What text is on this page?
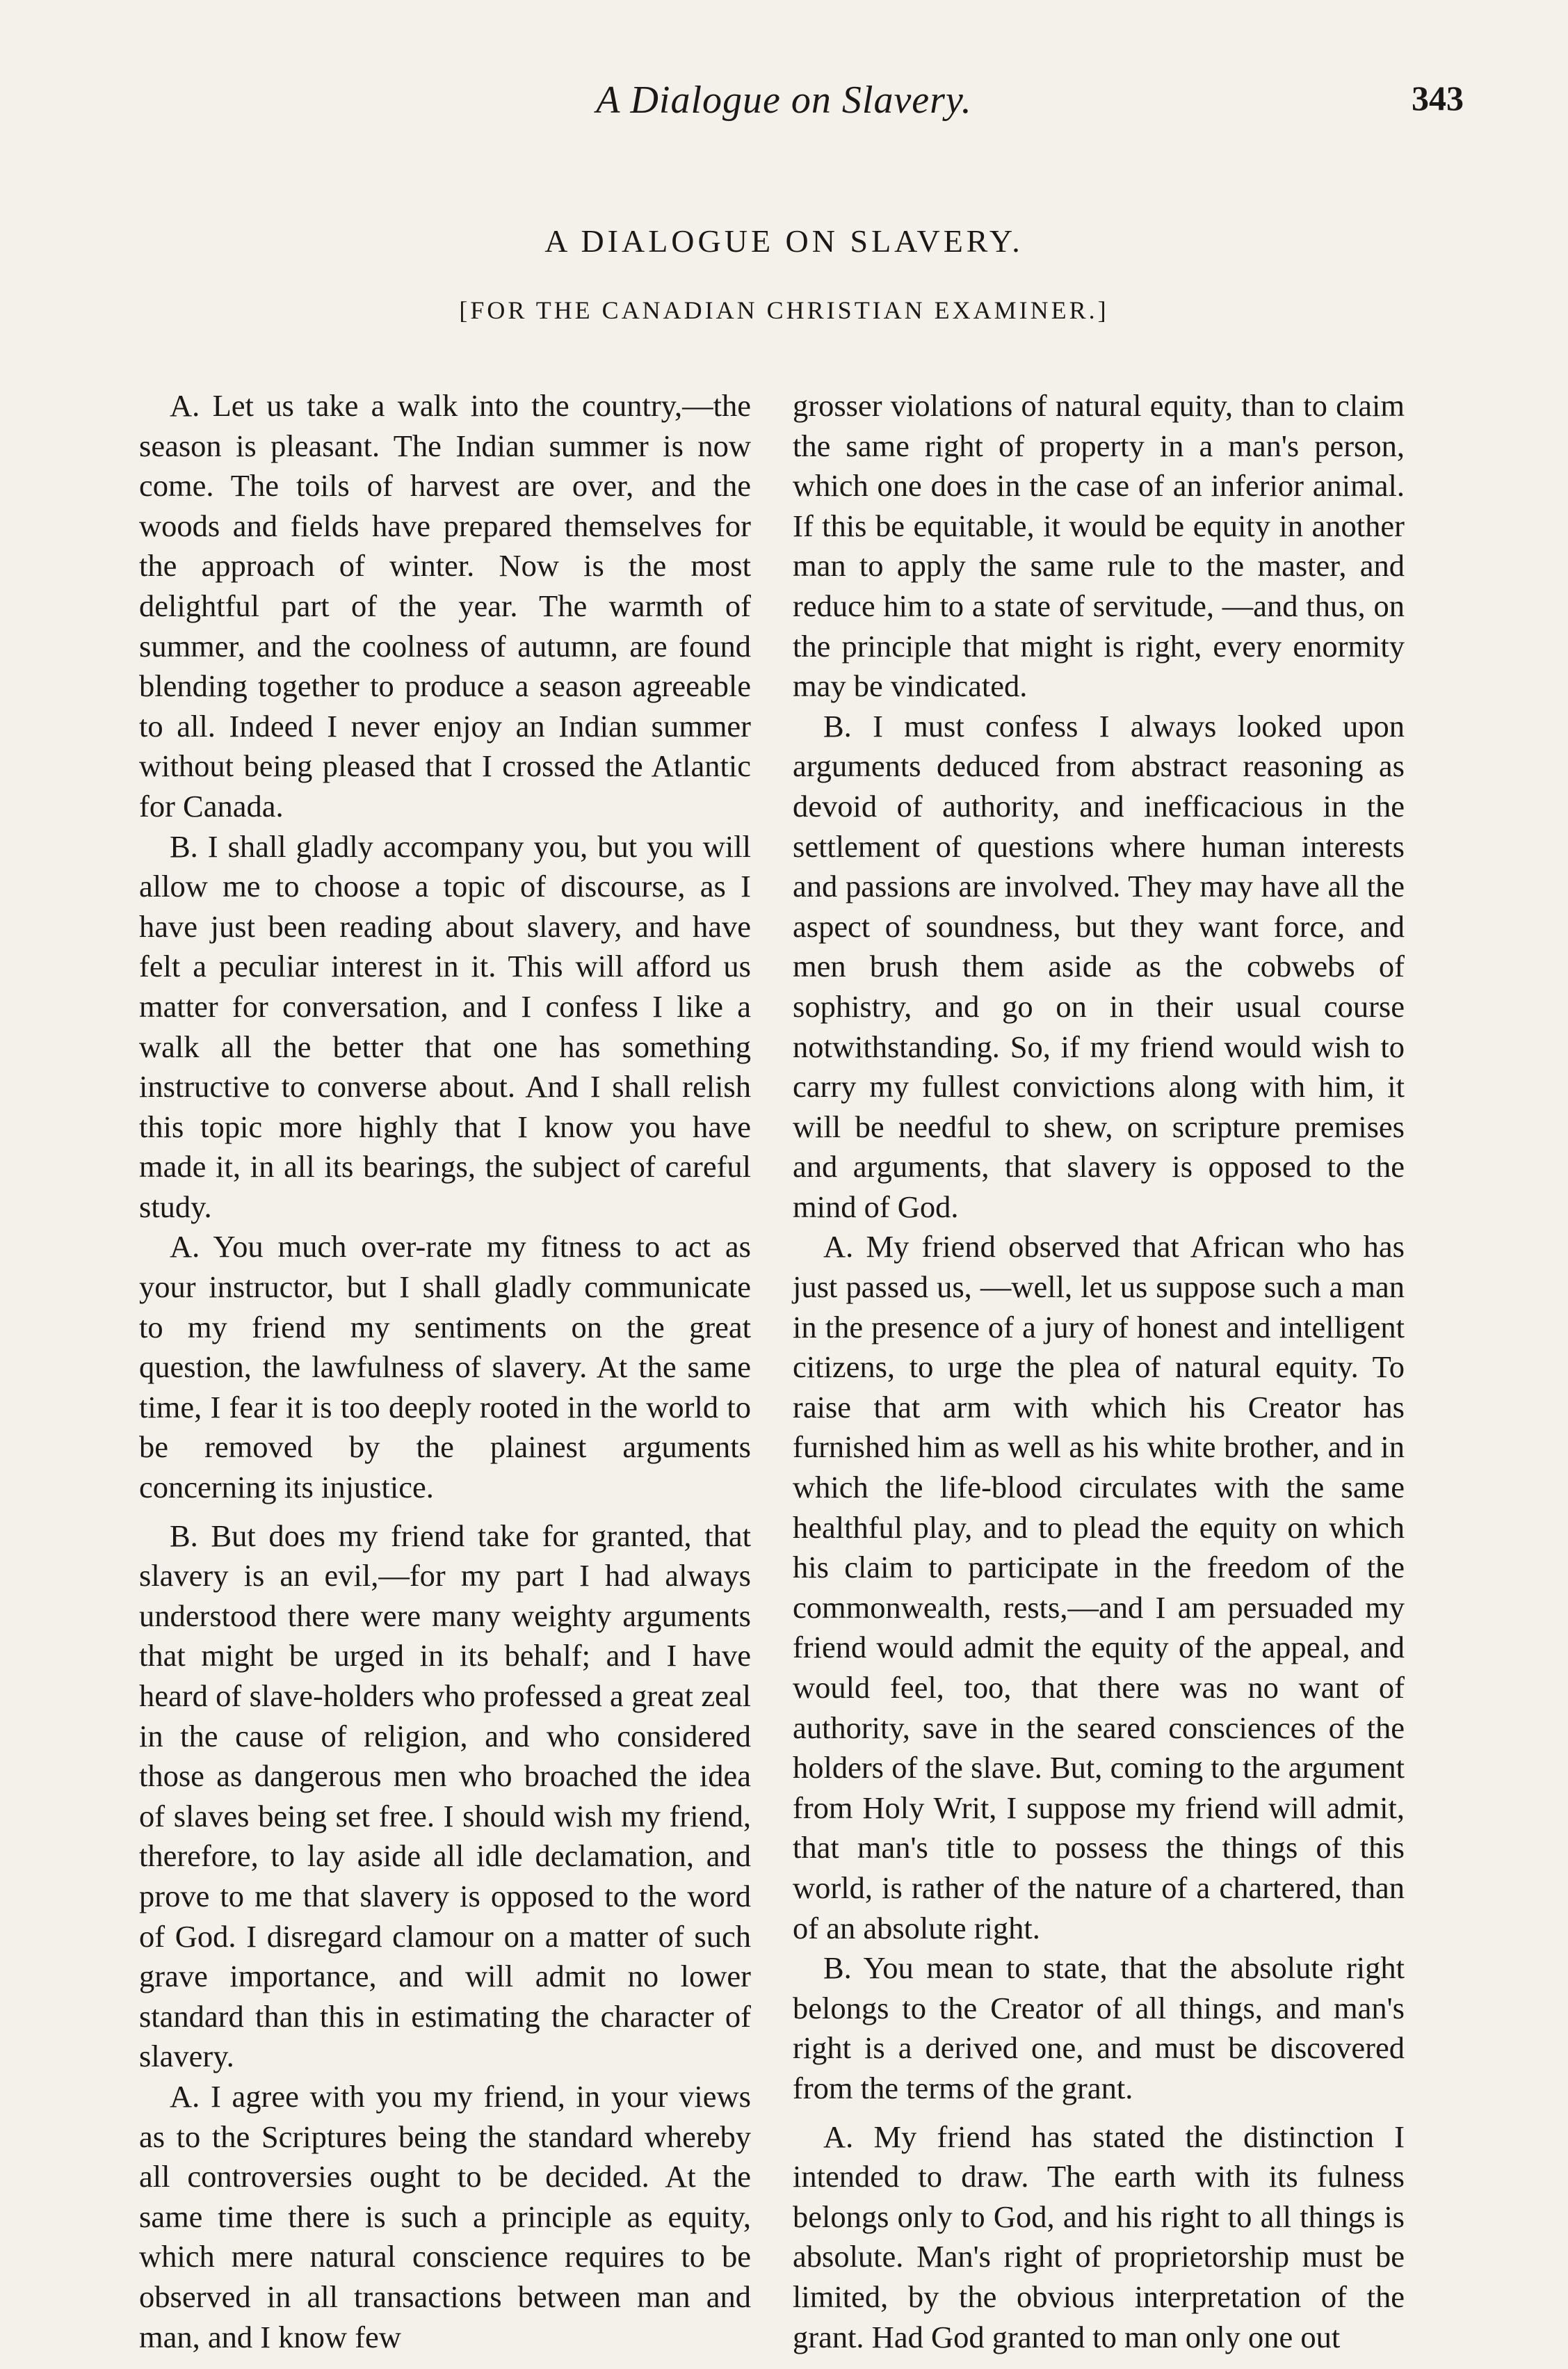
A Dialogue on Slavery.	343
A DIALOGUE ON SLAVERY.
[FOR THE CANADIAN CHRISTIAN EXAMINER.]

A. Let us take a walk into the country,—the season is pleasant. The Indian summer is now come. The toils of harvest are over, and the woods and fields have prepared themselves for the approach of winter. Now is the most delightful part of the year. The warmth of summer, and the coolness of autumn, are found blending together to produce a season agreeable to all. Indeed I never enjoy an Indian summer without being pleased that I crossed the Atlantic for Canada.

B. I shall gladly accompany you, but you will allow me to choose a topic of discourse, as I have just been reading about slavery, and have felt a peculiar interest in it. This will afford us matter for conversation, and I confess I like a walk all the better that one has something instructive to converse about. And I shall relish this topic more highly that I know you have made it, in all its bearings, the subject of careful study.

A. You much over-rate my fitness to act as your instructor, but I shall gladly communicate to my friend my sentiments on the great question, the lawfulness of slavery. At the same time, I fear it is too deeply rooted in the world to be removed by the plainest arguments concerning its injustice.

B. But does my friend take for granted, that slavery is an evil,—for my part I had always understood there were many weighty arguments that might be urged in its behalf; and I have heard of slave-holders who professed a great zeal in the cause of religion, and who considered those as dangerous men who broached the idea of slaves being set free. I should wish my friend, therefore, to lay aside all idle declamation, and prove to me that slavery is opposed to the word of God. I disregard clamour on a matter of such grave importance, and will admit no lower standard than this in estimating the character of slavery.

A. I agree with you my friend, in your views as to the Scriptures being the standard whereby all controversies ought to be decided. At the same time there is such a principle as equity, which mere natural conscience requires to be observed in all transactions between man and man, and I know few

grosser violations of natural equity, than to claim the same right of property in a man's person, which one does in the case of an inferior animal. If this be equitable, it would be equity in another man to apply the same rule to the master, and reduce him to a state of servitude, —and thus, on the principle that might is right, every enormity may be vindicated.

B. I must confess I always looked upon arguments deduced from abstract reasoning as devoid of authority, and inefficacious in the settlement of questions where human interests and passions are involved. They may have all the aspect of soundness, but they want force, and men brush them aside as the cobwebs of sophistry, and go on in their usual course notwithstanding. So, if my friend would wish to carry my fullest convictions along with him, it will be needful to shew, on scripture premises and arguments, that slavery is opposed to the mind of God.

A. My friend observed that African who has just passed us, —well, let us suppose such a man in the presence of a jury of honest and intelligent citizens, to urge the plea of natural equity. To raise that arm with which his Creator has furnished him as well as his white brother, and in which the life-blood circulates with the same healthful play, and to plead the equity on which his claim to participate in the freedom of the commonwealth, rests,—and I am persuaded my friend would admit the equity of the appeal, and would feel, too, that there was no want of authority, save in the seared consciences of the holders of the slave. But, coming to the argument from Holy Writ, I suppose my friend will admit, that man's title to possess the things of this world, is rather of the nature of a chartered, than of an absolute right.

B. You mean to state, that the absolute right belongs to the Creator of all things, and man's right is a derived one, and must be discovered from the terms of the grant.

A. My friend has stated the distinction I intended to draw. The earth with its fulness belongs only to God, and his right to all things is absolute. Man's right of proprietorship must be limited, by the obvious interpretation of the grant. Had God granted to man only one out
